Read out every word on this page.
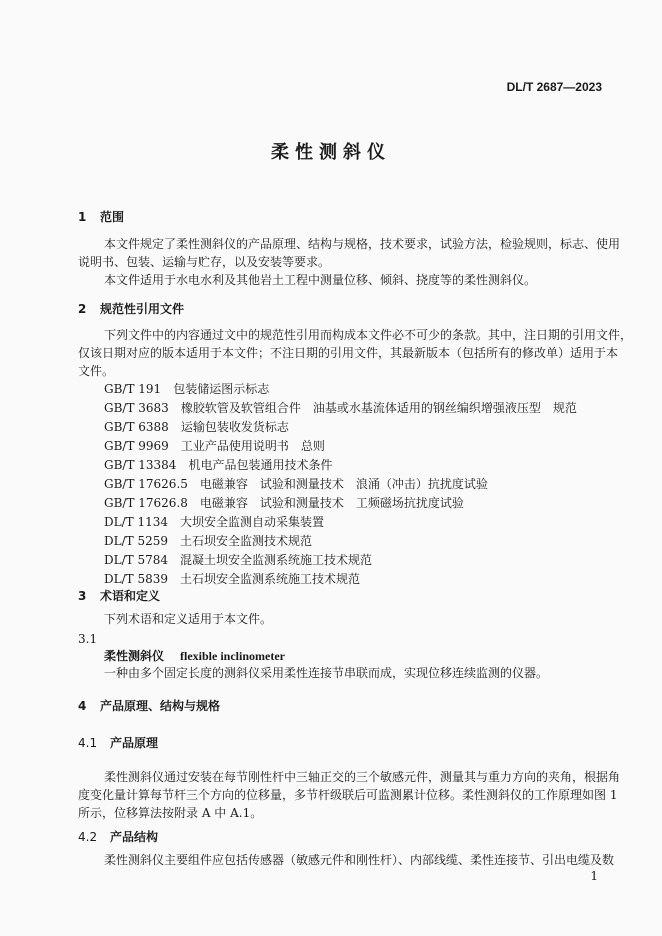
DL/T 2687—2023
柔性测斜仪
1 范围
本文件规定了柔性测斜仪的产品原理、结构与规格，技术要求，试验方法，检验规则，标志、使用
说明书、包装、运输与贮存，以及安装等要求。
本文件适用于水电水利及其他岩土工程中测量位移、倾斜、挠度等的柔性测斜仪。
2 规范性引用文件
下列文件中的内容通过文中的规范性引用而构成本文件必不可少的条款。其中，注日期的引用文件，
仅该日期对应的版本适用于本文件；不注日期的引用文件，其最新版本（包括所有的修改单）适用于本
文件。
GB/T 191　 包装储运图示标志
GB/T 3683　 橡胶软管及软管组合件　油基或水基流体适用的钢丝编织增强液压型　规范
GB/T 6388　 运输包装收发货标志
GB/T 9969　 工业产品使用说明书　总则
GB/T 13384　 机电产品包装通用技术条件
GB/T 17626.5　 电磁兼容　试验和测量技术　浪涌（冲击）抗扰度试验
GB/T 17626.8　 电磁兼容　试验和测量技术　工频磁场抗扰度试验
DL/T 1134　 大坝安全监测自动采集装置
DL/T 5259　 土石坝安全监测技术规范
DL/T 5784　 混凝土坝安全监测系统施工技术规范
DL/T 5839　 土石坝安全监测系统施工技术规范
3 术语和定义
下列术语和定义适用于本文件。
3.1
柔性测斜仪 flexible inclinometer
一种由多个固定长度的测斜仪采用柔性连接节串联而成，实现位移连续监测的仪器。
4 产品原理、结构与规格
4.1 产品原理
柔性测斜仪通过安装在每节刚性杆中三轴正交的三个敏感元件，测量其与重力方向的夹角，根据角
度变化量计算每节杆三个方向的位移量，多节杆级联后可监测累计位移。柔性测斜仪的工作原理如图 1
所示，位移算法按附录 A 中 A.1。
4.2 产品结构
柔性测斜仪主要组件应包括传感器（敏感元件和刚性杆）、内部线缆、柔性连接节、引出电缆及数
1
